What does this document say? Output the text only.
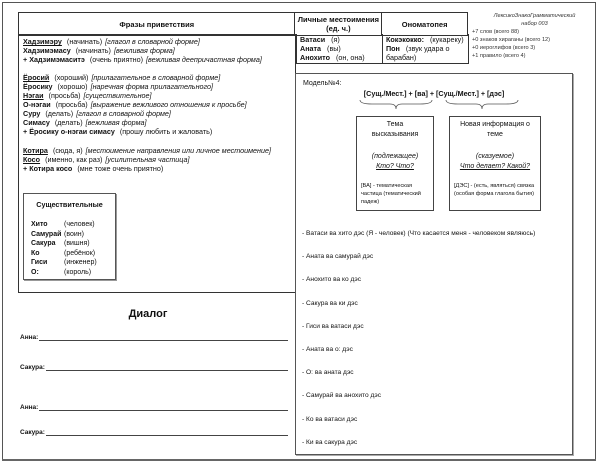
Фразы приветствия	Личные местоимения (ед. ч.)	Ономатопея
Хадзимэру (начинать) [глагол в словарной форме]
Хадзимэмасу (начинать) [вежливая форма]
+ Хадзимэмаситэ (очень приятно) [вежливая деепричастная форма]
Ёросий (хороший) [прилагательное в словарной форме]
Ёросику (хорошо) [наречная форма прилагательного]
Нэгаи (просьба) [существительное]
О-нэгаи (просьба) [выражение вежливого отношения к просьбе]
Суру (делать) [глагол в словарной форме]
Симасу (делать) [вежливая форма]
+ Ёросику о-нэгаи симасу (прошу любить и жаловать)
Котира (сюда, я) [местоимение направления или личное местоимение]
Косо (именно, как раз) [усилительная частица]
+ Котира косо (мне тоже очень приятно)
Ватаси (я)
Аната (вы)
Анохито (он, она)
Кокэкокко: (кукарекy)
Пон (звук удара о
барабан)
Существительные
Хито (человек)
Самурай (воин)
Сакура (вишня)
Ко	(ребёнок)
Гиси (инженер)
О:	(король)
ЛексикоЗнакоГрамматический
набор 003
+7 слов (всего 88)
+0 знаков хираганы (всего 12)
+0 иероглифов (всего 3)
+1 правило (всего 4)
Модель№4:
[Сущ./Мест.] + [ва] + [Сущ./Мест.] + [дэс]
Тема
высказывания
(подлежащее)
Кто? Что?
[ВА] - тематическая частица (тематический падеж)
Новая информация о
теме
(сказуемое)
Что делает? Какой?
[ДЭС] - (есть, являться) связка (особая форма глагола бытия)
- Ватаси ва хито дэс (Я - человек) (Что касается меня - человеком являюсь)
- Аната ва самурай дэс
- Анохито ва ко дэс
- Сакура ва ки дэс
- Гиси ва ватаси дэс
- Аната ва о: дэс
- О: ва аната дэс
- Самурай ва анохито дэс
- Ко ва ватаси дэс
- Ки ва сакура дэс
Диалог
Анна:
Сакура:
Анна:
Сакура:
